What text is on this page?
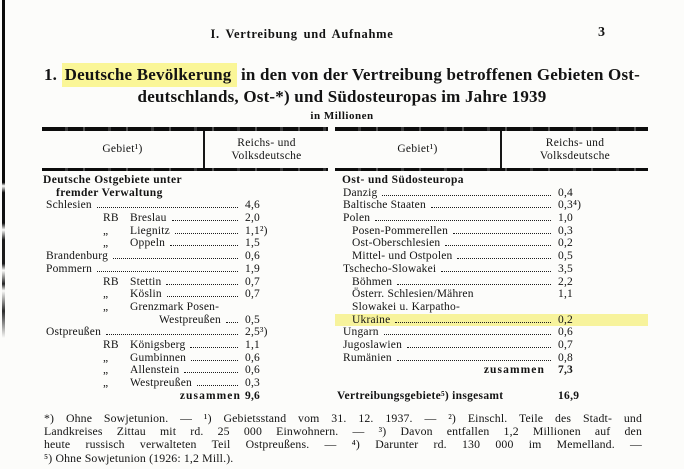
I. Vertreibung und Aufnahme	3
1. Deutsche Bevölkerung in den von der Vertreibung betroffenen Gebieten Ost-
deutschlands, Ost-*) und Südosteuropas im Jahre 1939
in Millionen
Gebiet¹)
Reichs- und
Volksdeutsche
Deutsche Ostgebiete unter
fremder Verwaltung
Schlesien	4,6
RB Breslau	2,0
„	Liegnitz	1,1²)
„	Oppeln	1,5
Brandenburg	0,6
Pommern	1,9
RB Stettin	0,7
„	Köslin	0,7
„	Grenzmark Posen-
Westpreußen 0,5
Ostpreußen	2,5³)
RB Königsberg	1,1
„	Gumbinnen	0,6
„	Allenstein	0,6
„	Westpreußen	0,3
zusammen 9,6
Gebiet¹)
Reichs- und
Volksdeutsche
Ost- und Südosteuropa
Danzig	0,4
Baltische Staaten	0,3⁴)
Polen	1,0
Posen-Pommerellen	0,3
Ost-Oberschlesien	0,2
Mittel- und Ostpolen	0,5
Tschecho-Slowakei	3,5
Böhmen	2,2
Österr. Schlesien/Mähren	1,1
Slowakei u. Karpatho-
Ukraine	0,2
Ungarn	0,6
Jugoslawien	0,7
Rumänien	0,8
zusammen 7,3
Vertreibungsgebiete⁵) insgesamt	16,9
*) Ohne Sowjetunion. — ¹) Gebietsstand vom 31. 12. 1937. — ²) Einschl. Teile des Stadt- und
Landkreises Zittau mit rd. 25 000 Einwohnern. — ³) Davon entfallen 1,2 Millionen auf den
heute russisch verwalteten Teil Ostpreußens. — ⁴) Darunter rd. 130 000 im Memelland. —
⁵) Ohne Sowjetunion (1926: 1,2 Mill.).
